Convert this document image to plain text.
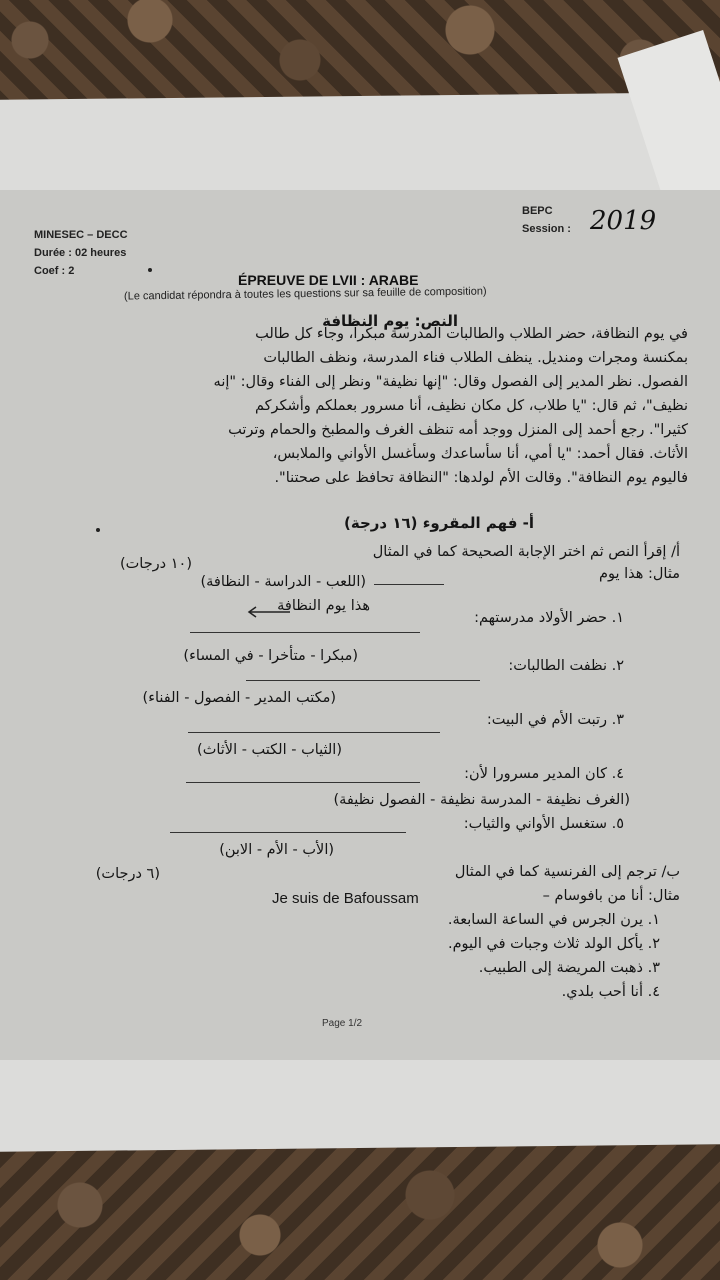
MINESEC – DECC
Durée : 02 heures
Coef : 2
BEPC
Session : 2019
ÉPREUVE DE LVII : ARABE
(Le candidat répondra à toutes les questions sur sa feuille de composition)
النص: يوم النظافة
في يوم النظافة، حضر الطلاب والطالبات المدرسة مبكرا، وجاء كل طالب
بمكنسة ومجرات ومنديل. ينظف الطلاب فناء المدرسة، ونظف الطالبات
الفصول. نظر المدير إلى الفصول وقال: "إنها نظيفة" ونظر إلى الفناء وقال: "إنه
نظيف"، ثم قال: "يا طلاب، كل مكان نظيف، أنا مسرور بعملكم وأشكركم
كثيرا". رجع أحمد إلى المنزل ووجد أمه تنظف الغرف والمطبخ والحمام وترتب
الأثاث. فقال أحمد: "يا أمي، أنا سأساعدك وسأغسل الأواني والملابس،
فاليوم يوم النظافة". وقالت الأم لولدها: "النظافة تحافظ على صحتنا".
أ- فهم المقروء (١٦ درجة)
أ/ إقرأ النص ثم اختر الإجابة الصحيحة كما في المثال
(١٠ درجات)
مثال: هذا يوم
(اللعب - الدراسة - النظافة)
هذا يوم النظافة
١. حضر الأولاد مدرستهم:
(مبكرا - متأخرا - في المساء)
٢. نظفت الطالبات:
(مكتب المدير - الفصول - الفناء)
٣. رتبت الأم في البيت:
(الثياب - الكتب - الأثاث)
٤. كان المدير مسرورا لأن:
(الغرف نظيفة - المدرسة نظيفة - الفصول نظيفة)
٥. ستغسل الأواني والثياب:
(الأب - الأم - الابن)
ب/ ترجم إلى الفرنسية كما في المثال
(٦ درجات)
مثال: أنا من بافوسام –
Je suis de Bafoussam
١. يرن الجرس في الساعة السابعة.
٢. يأكل الولد ثلاث وجبات في اليوم.
٣. ذهبت المريضة إلى الطبيب.
٤. أنا أحب بلدي.
Page 1/2
